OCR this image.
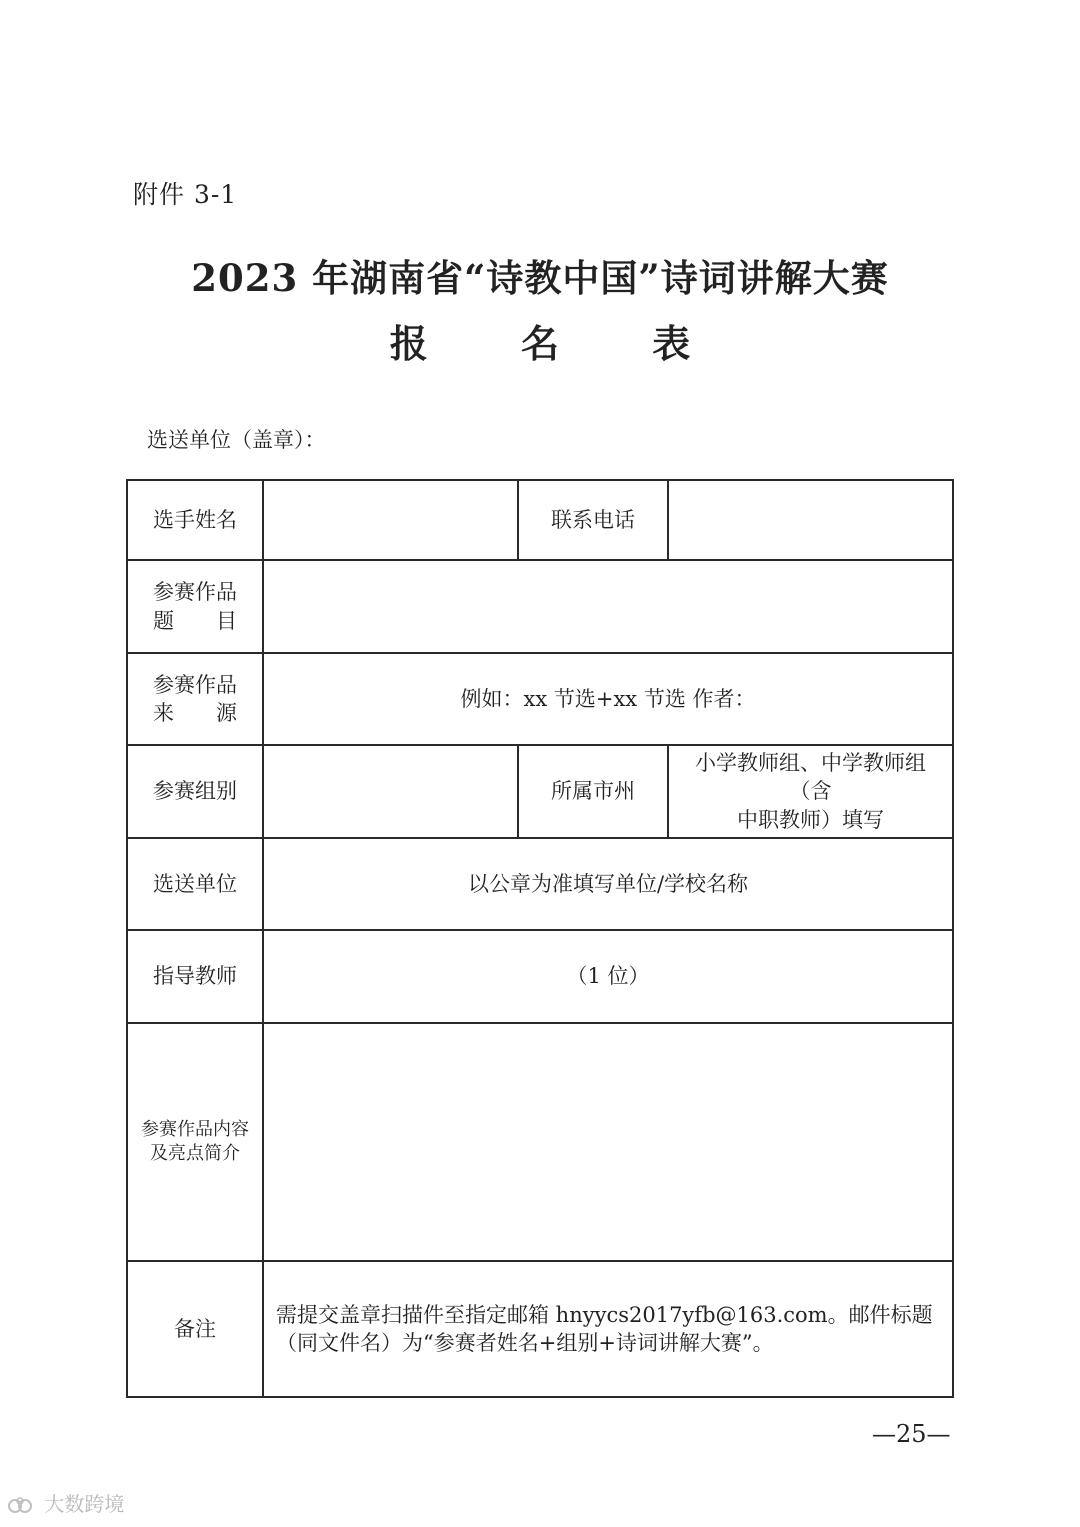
附件 3-1
2023 年湖南省“诗教中国”诗词讲解大赛
报 名 表
选送单位（盖章）：
选手姓名		联系电话	

参赛作品
题　　目			

参赛作品
来　　源	例如：xx 节选+xx 节选 作者：		
参赛组别		所属市州	小学教师组、中学教师组（含
中职教师）填写

选送单位	以公章为准填写单位/学校名称		
指导教师	（1 位）		

参赛作品内容
及亮点简介			

备注	需提交盖章扫描件至指定邮箱 hnyycs2017yfb@163.com。邮件标题（同文件名）为“参赛者姓名+组别+诗词讲解大赛”。		
—25—
大数跨境
